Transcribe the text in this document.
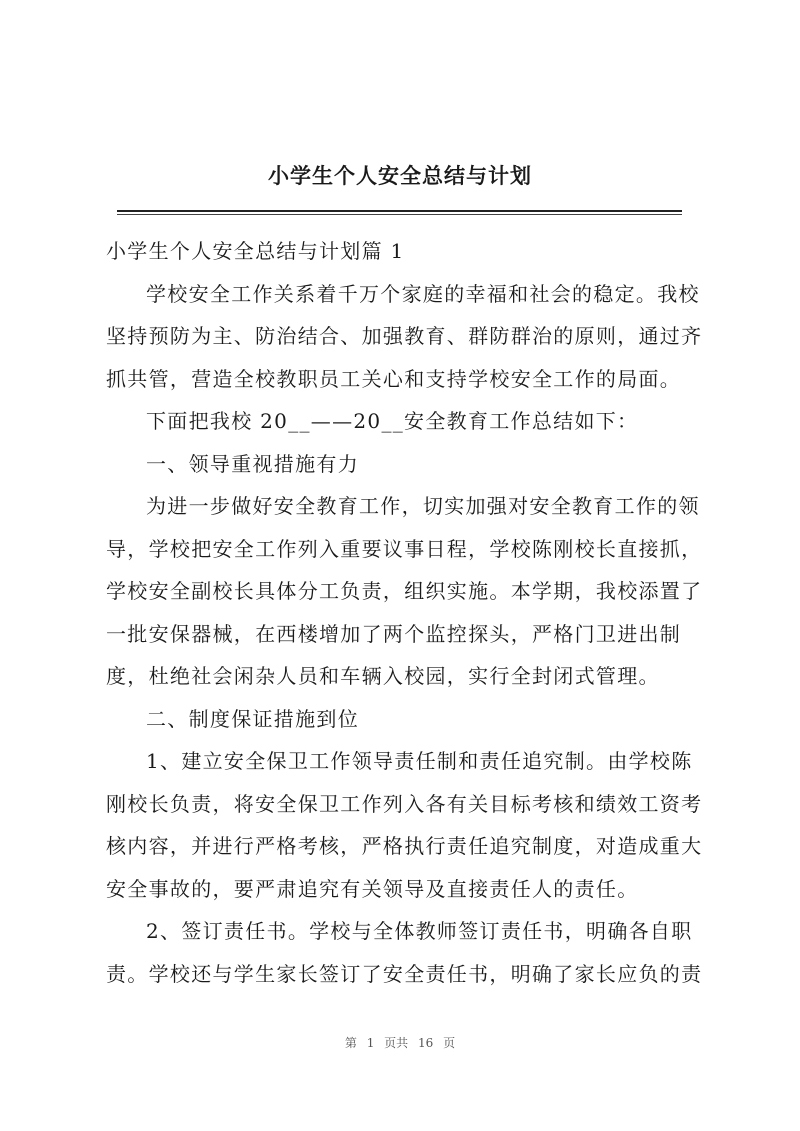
小学生个人安全总结与计划

小学生个人安全总结与计划篇 1

学校安全工作关系着千万个家庭的幸福和社会的稳定。我校坚持预防为主、防治结合、加强教育、群防群治的原则，通过齐抓共管，营造全校教职员工关心和支持学校安全工作的局面。

下面把我校 20__——20__安全教育工作总结如下：

一、领导重视措施有力

为进一步做好安全教育工作，切实加强对安全教育工作的领导，学校把安全工作列入重要议事日程，学校陈刚校长直接抓，学校安全副校长具体分工负责，组织实施。本学期，我校添置了一批安保器械，在西楼增加了两个监控探头，严格门卫进出制度，杜绝社会闲杂人员和车辆入校园，实行全封闭式管理。

二、制度保证措施到位

1、建立安全保卫工作领导责任制和责任追究制。由学校陈刚校长负责，将安全保卫工作列入各有关目标考核和绩效工资考核内容，并进行严格考核，严格执行责任追究制度，对造成重大安全事故的，要严肃追究有关领导及直接责任人的责任。

2、签订责任书。学校与全体教师签订责任书，明确各自职责。学校还与学生家长签订了安全责任书，明确了家长应负的责

第 1 页共 16 页
